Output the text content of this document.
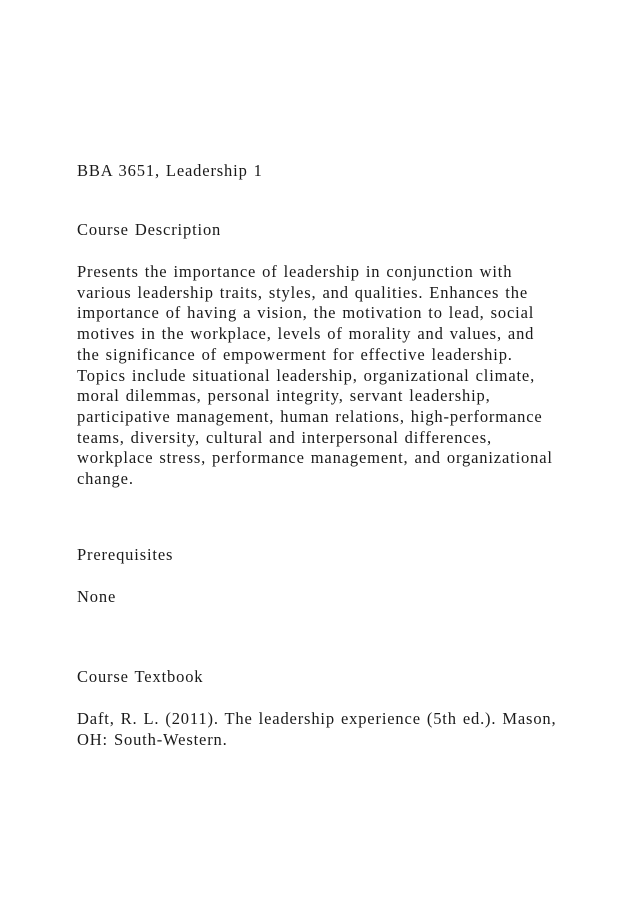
BBA 3651, Leadership 1
Course Description
Presents the importance of leadership in conjunction with
various leadership traits, styles, and qualities. Enhances the
importance of having a vision, the motivation to lead, social
motives in the workplace, levels of morality and values, and
the significance of empowerment for effective leadership.
Topics include situational leadership, organizational climate,
moral dilemmas, personal integrity, servant leadership,
participative management, human relations, high-performance
teams, diversity, cultural and interpersonal differences,
workplace stress, performance management, and organizational
change.
Prerequisites
None
Course Textbook
Daft, R. L. (2011). The leadership experience (5th ed.). Mason,
OH: South-Western.
